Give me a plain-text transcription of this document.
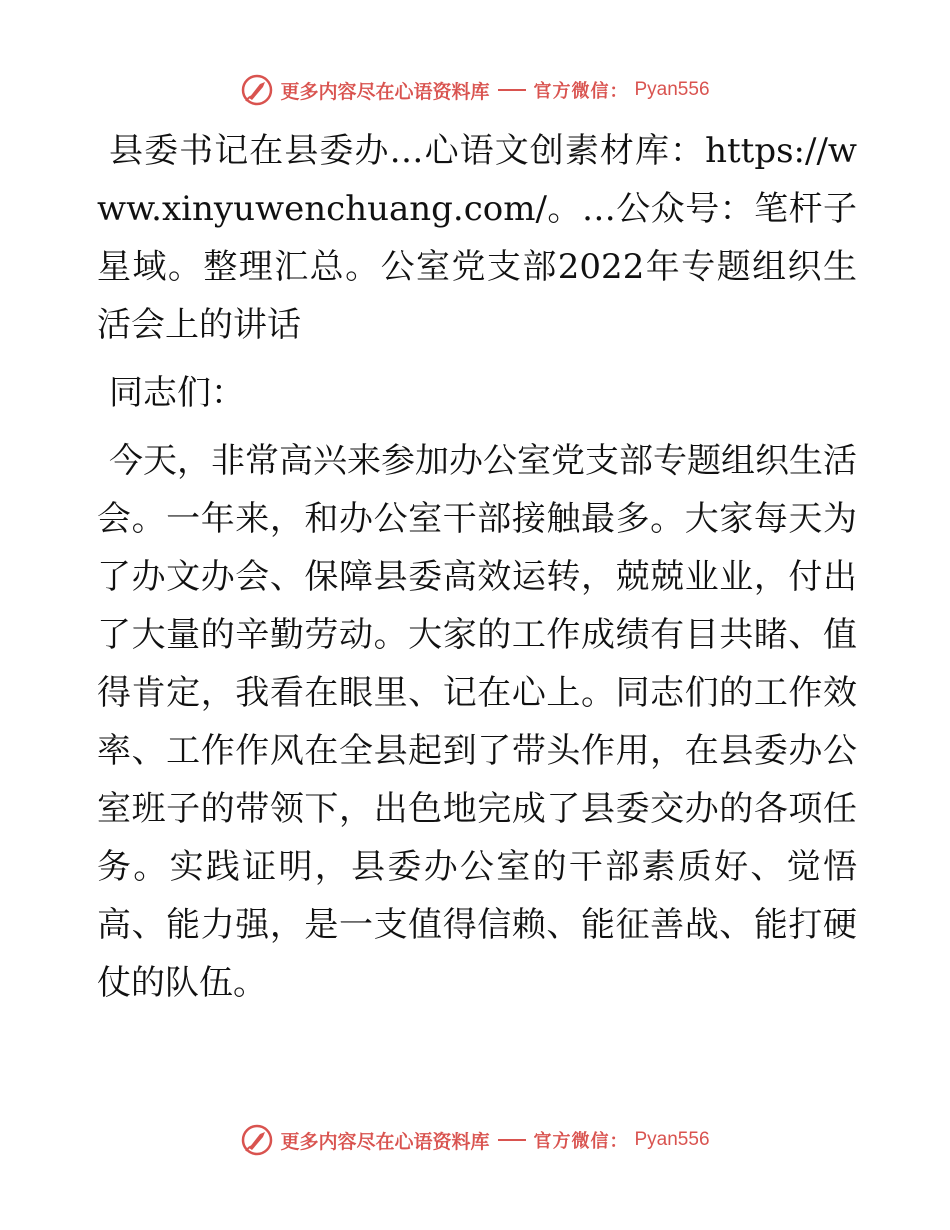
更多内容尽在心语资料库 官方微信： Pyan556

县委书记在县委办…心语文创素材库：https://www.xinyuwenchuang.com/。…公众号：笔杆子星域。整理汇总。公室党支部2022年专题组织生活会上的讲话

同志们：

今天，非常高兴来参加办公室党支部专题组织生活会。一年来，和办公室干部接触最多。大家每天为了办文办会、保障县委高效运转，兢兢业业，付出了大量的辛勤劳动。大家的工作成绩有目共睹、值得肯定，我看在眼里、记在心上。同志们的工作效率、工作作风在全县起到了带头作用，在县委办公室班子的带领下，出色地完成了县委交办的各项任务。实践证明，县委办公室的干部素质好、觉悟高、能力强，是一支值得信赖、能征善战、能打硬仗的队伍。

更多内容尽在心语资料库 官方微信： Pyan556
